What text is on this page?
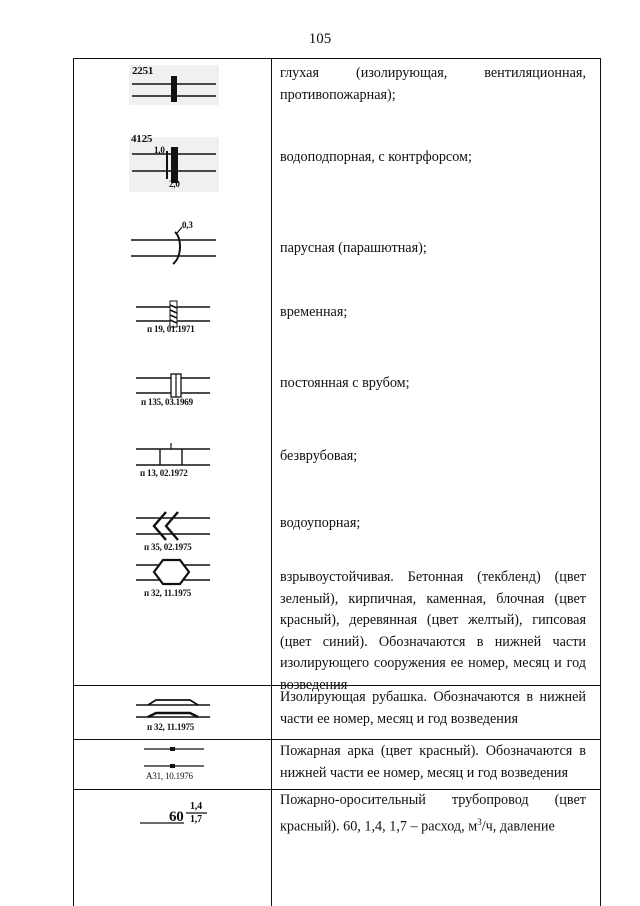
105
глухая (изолирующая, вентиляционная, противопожарная);
2251
водоподпорная, с контрфорсом;
4125
1,0
2,0
парусная (парашютная);
0,3
временная;
п 19, 01.1971
постоянная с врубом;
п 135, 03.1969
безврубовая;
п 13, 02.1972
водоупорная;
п 35, 02.1975
взрывоустойчивая. Бетонная (текбленд) (цвет зеленый), кирпичная, каменная, блочная (цвет красный), деревянная (цвет желтый), гипсовая (цвет синий). Обозначаются в нижней части изолирующего сооружения ее номер, месяц и год возведения
п 32, 11.1975
Изолирующая рубашка. Обозначаются в нижней части ее номер, месяц и год возведения
п 32, 11.1975
Пожарная арка (цвет красный). Обозначаются в нижней части ее номер, месяц и год возведения
А31, 10.1976
Пожарно-оросительный трубопровод (цвет красный). 60, 1,4, 1,7 – расход, $м^3/ч$, давление
60
1,4
1,7
